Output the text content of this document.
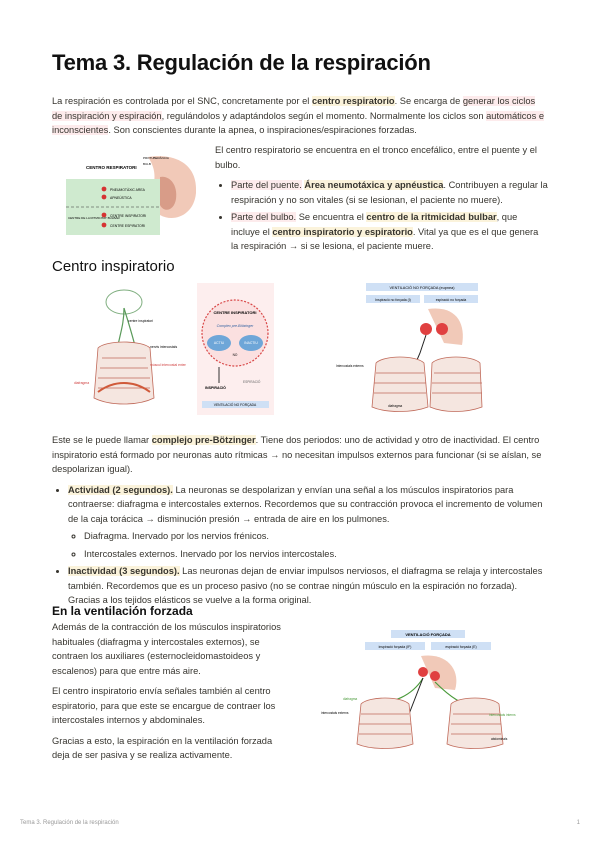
Tema 3. Regulación de la respiración

La respiración es controlada por el SNC, concretamente por el centro respiratorio. Se encarga de generar los ciclos de inspiración y espiración, regulándolos y adaptándolos según el momento. Normalmente los ciclos son automáticos e inconscientes. Son conscientes durante la apnea, o inspiraciones/espiraciones forzadas.

CENTRO RESPIRATORI
PROTUBERÀNCIA
BULB
PNEUMOTÀXIC AREA
APNEÚSTICA
CENTRE INSPIRATORI
CENTRE ESPIRATORI
CENTRE DE LA RITMICITAT BULBAR

El centro respiratorio se encuentra en el tronco encefálico, entre el puente y el bulbo.

• Parte del puente. Área neumotáxica y apnéustica. Contribuyen a regular la respiración y no son vitales (si se lesionan, el paciente no muere).
• Parte del bulbo. Se encuentra el centro de la ritmicidad bulbar, que incluye el centro inspiratorio y espiratorio. Vital ya que es el que genera la respiración → si se lesiona, el paciente muere.
Centro inspiratorio
centre inspiratori
nervis intercostals
múscul intercostal extern
diafragma
CENTRE INSPIRATORI
Complex pre-Bötzinger
ACTIU	INACTIU
NO
INSPIRACIÓ
ESPIRACIÓ
VENTILACIÓ NO FORÇADA
VENTILACIÓ NO FORÇADA (eupnea)
Inspiració no forçada (I)	espiració no forçada
Intercostals externs
diafragma

Este se le puede llamar complejo pre-Bötzinger. Tiene dos periodos: uno de actividad y otro de inactividad. El centro inspiratorio está formado por neuronas auto rítmicas → no necesitan impulsos externos para funcionar (si se aíslan, se despolarizan igual).

• Actividad (2 segundos). La neuronas se despolarizan y envían una señal a los músculos inspiratorios para contraerse: diafragma e intercostales externos. Recordemos que su contracción provoca el incremento de volumen de la caja torácica → disminución presión → entrada de aire en los pulmones.
◦ Diafragma. Inervado por los nervios frénicos.
◦ Intercostales externos. Inervado por los nervios intercostales.
• Inactividad (3 segundos). Las neuronas dejan de enviar impulsos nerviosos, el diafragma se relaja y intercostales también. Recordemos que es un proceso pasivo (no se contrae ningún músculo en la espiración no forzada). Gracias a los tejidos elásticos se vuelve a la forma original.
En la ventilación forzada

Además de la contracción de los músculos inspiratorios habituales (diafragma y intercostales externos), se contraen los auxiliares (esternocleidomastoideos y escalenos) para que entre más aire.

El centro inspiratorio envía señales también al centro espiratorio, para que este se encargue de contraer los intercostales internos y abdominales.

Gracias a esto, la espiración en la ventilación forzada deja de ser pasiva y se realiza activamente.

VENTILACIÓ FORÇADA
inspiració forçada (IF)	espiració forçada (E)
diafragma
intercostals externs	intercostals interns
abdominals
Tema 3. Regulación de la respiración	1
